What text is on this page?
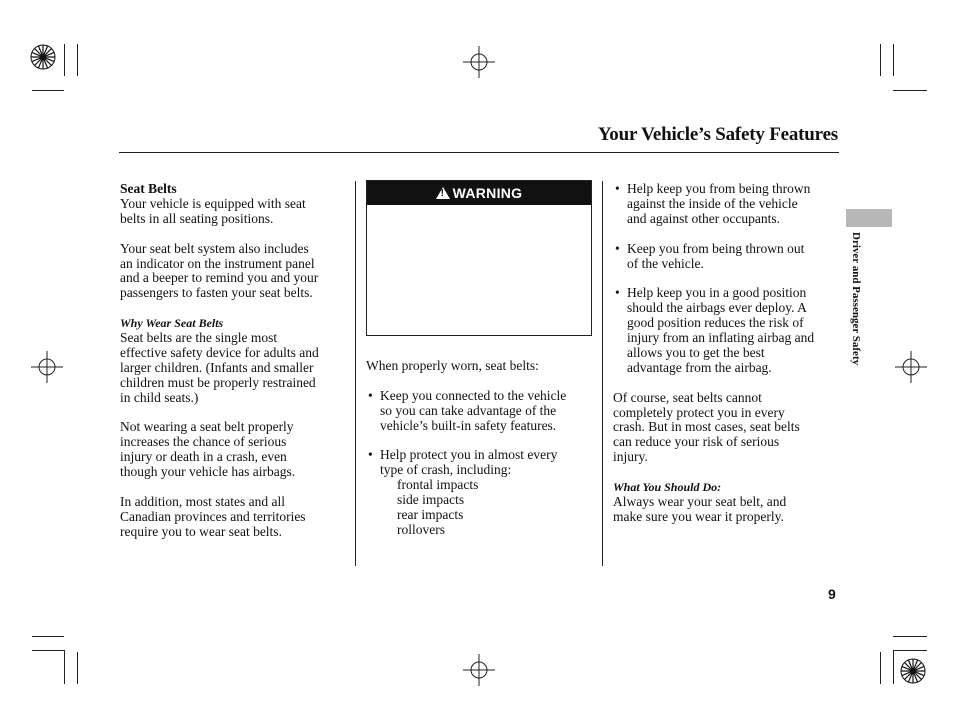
Your Vehicle’s Safety Features
Driver and Passenger Safety

Seat Belts

Your vehicle is equipped with seat

belts in all seating positions.

Your seat belt system also includes

an indicator on the instrument panel

and a beeper to remind you and your

passengers to fasten your seat belts.

Why Wear Seat Belts

Seat belts are the single most

effective safety device for adults and

larger children. (Infants and smaller

children must be properly restrained

in child seats.)

Not wearing a seat belt properly

increases the chance of serious

injury or death in a crash, even

though your vehicle has airbags.

In addition, most states and all

Canadian provinces and territories

require you to wear seat belts.

!
WARNING

When properly worn, seat belts:

• Keep you connected to the vehicle

so you can take advantage of the

vehicle’s built-in safety features.

• Help protect you in almost every

type of crash, including:

frontal impacts

side impacts

rear impacts

rollovers

• Help keep you from being thrown

against the inside of the vehicle

and against other occupants.

• Keep you from being thrown out

of the vehicle.

• Help keep you in a good position

should the airbags ever deploy. A

good position reduces the risk of

injury from an inflating airbag and

allows you to get the best

advantage from the airbag.

Of course, seat belts cannot

completely protect you in every

crash. But in most cases, seat belts

can reduce your risk of serious

injury.

What You Should Do:

Always wear your seat belt, and

make sure you wear it properly.

9
